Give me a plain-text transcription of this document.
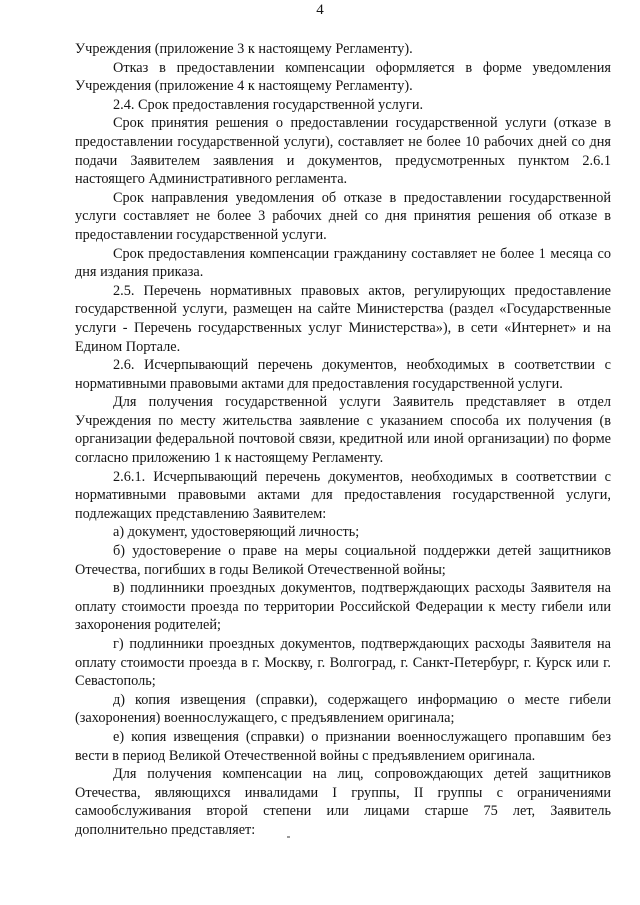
4

Учреждения (приложение 3 к настоящему Регламенту).

Отказ в предоставлении компенсации оформляется в форме уведомления Учреждения (приложение 4 к настоящему Регламенту).

2.4. Срок предоставления государственной услуги.

Срок принятия решения о предоставлении государственной услуги (отказе в предоставлении государственной услуги), составляет не более 10 рабочих дней со дня подачи Заявителем заявления и документов, предусмотренных пунктом 2.6.1 настоящего Административного регламента.

Срок направления уведомления об отказе в предоставлении государственной услуги составляет не более 3 рабочих дней со дня принятия решения об отказе в предоставлении государственной услуги.

Срок предоставления компенсации гражданину составляет не более 1 месяца со дня издания приказа.

2.5. Перечень нормативных правовых актов, регулирующих предоставление государственной услуги, размещен на сайте Министерства (раздел «Государственные услуги - Перечень государственных услуг Министерства»), в сети «Интернет» и на Едином Портале.

2.6. Исчерпывающий перечень документов, необходимых в соответствии с нормативными правовыми актами для предоставления государственной услуги.

Для получения государственной услуги Заявитель представляет в отдел Учреждения по месту жительства заявление с указанием способа их получения (в организации федеральной почтовой связи, кредитной или иной организации) по форме согласно приложению 1 к настоящему Регламенту.

2.6.1. Исчерпывающий перечень документов, необходимых в соответствии с нормативными правовыми актами для предоставления государственной услуги, подлежащих представлению Заявителем:

а) документ, удостоверяющий личность;

б) удостоверение о праве на меры социальной поддержки детей защитников Отечества, погибших в годы Великой Отечественной войны;

в) подлинники проездных документов, подтверждающих расходы Заявителя на оплату стоимости проезда по территории Российской Федерации к месту гибели или захоронения родителей;

г) подлинники проездных документов, подтверждающих расходы Заявителя на оплату стоимости проезда в г. Москву, г. Волгоград, г. Санкт-Петербург, г. Курск или г. Севастополь;

д) копия извещения (справки), содержащего информацию о месте гибели (захоронения) военнослужащего, с предъявлением оригинала;

е) копия извещения (справки) о признании военнослужащего пропавшим без вести в период Великой Отечественной войны с предъявлением оригинала.

Для получения компенсации на лиц, сопровождающих детей защитников Отечества, являющихся инвалидами I группы, II группы с ограничениями самообслуживания второй степени или лицами старше 75 лет, Заявитель дополнительно представляет:
